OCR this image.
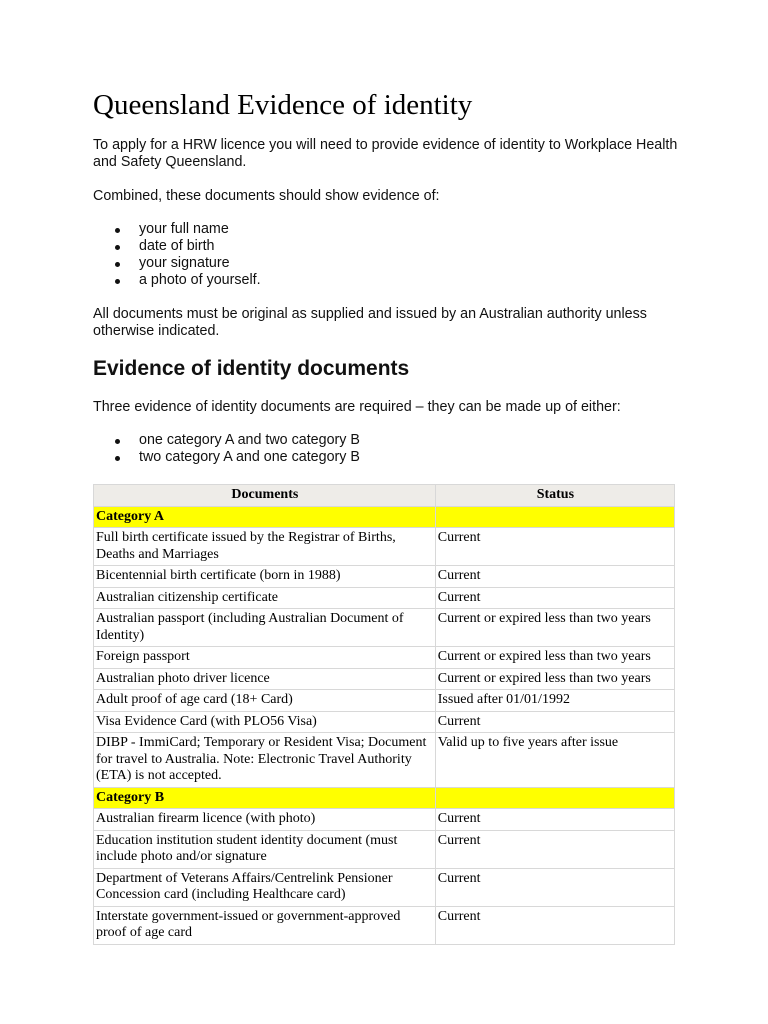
Queensland Evidence of identity

To apply for a HRW licence you will need to provide evidence of identity to Workplace Health and Safety Queensland.

Combined, these documents should show evidence of:

your full name
date of birth
your signature
a photo of yourself.

All documents must be original as supplied and issued by an Australian authority unless otherwise indicated.

Evidence of identity documents

Three evidence of identity documents are required – they can be made up of either:

one category A and two category B
two category A and one category B
Documents	Status
Category A	
Full birth certificate issued by the Registrar of Births, Deaths and Marriages	Current
Bicentennial birth certificate (born in 1988)	Current
Australian citizenship certificate	Current
Australian passport (including Australian Document of Identity)	Current or expired less than two years
Foreign passport	Current or expired less than two years
Australian photo driver licence	Current or expired less than two years
Adult proof of age card (18+ Card)	Issued after 01/01/1992
Visa Evidence Card (with PLO56 Visa)	Current
DIBP - ImmiCard; Temporary or Resident Visa; Document for travel to Australia. Note: Electronic Travel Authority (ETA) is not accepted.	Valid up to five years after issue
Category B	
Australian firearm licence (with photo)	Current
Education institution student identity document (must include photo and/or signature	Current
Department of Veterans Affairs/Centrelink Pensioner Concession card (including Healthcare card)	Current
Interstate government-issued or government-approved proof of age card	Current
